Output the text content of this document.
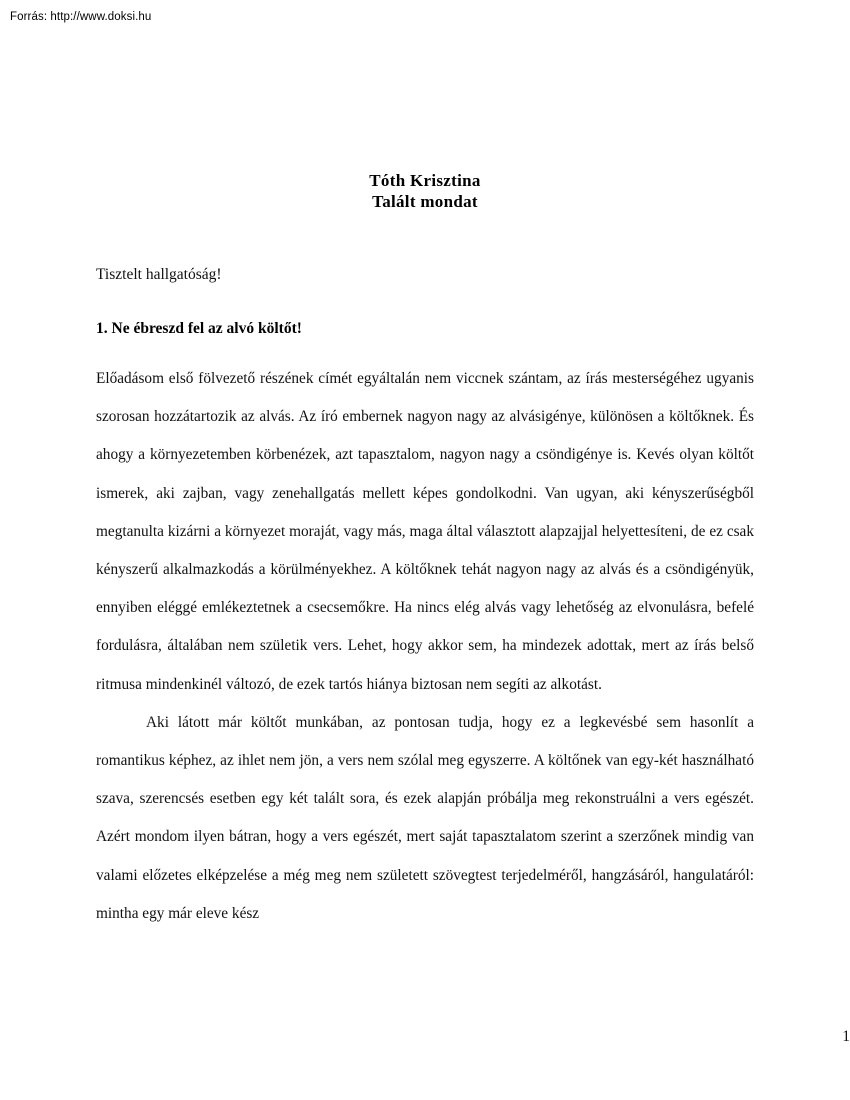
Forrás: http://www.doksi.hu
Tóth Krisztina
Talált mondat
Tisztelt hallgatóság!
1. Ne ébreszd fel az alvó költőt!

Előadásom első fölvezető részének címét egyáltalán nem viccnek szántam, az írás mesterségéhez ugyanis szorosan hozzátartozik az alvás. Az író embernek nagyon nagy az alvásigénye, különösen a költőknek. És ahogy a környezetemben körbenézek, azt tapasztalom, nagyon nagy a csöndigénye is. Kevés olyan költőt ismerek, aki zajban, vagy zenehallgatás mellett képes gondolkodni. Van ugyan, aki kényszerűségből megtanulta kizárni a környezet moraját, vagy más, maga által választott alapzajjal helyettesíteni, de ez csak kényszerű alkalmazkodás a körülményekhez. A költőknek tehát nagyon nagy az alvás és a csöndigényük, ennyiben eléggé emlékeztetnek a csecsemőkre. Ha nincs elég alvás vagy lehetőség az elvonulásra, befelé fordulásra, általában nem születik vers. Lehet, hogy akkor sem, ha mindezek adottak, mert az írás belső ritmusa mindenkinél változó, de ezek tartós hiánya biztosan nem segíti az alkotást.

Aki látott már költőt munkában, az pontosan tudja, hogy ez a legkevésbé sem hasonlít a romantikus képhez, az ihlet nem jön, a vers nem szólal meg egyszerre. A költőnek van egy-két használható szava, szerencsés esetben egy két talált sora, és ezek alapján próbálja meg rekonstruálni a vers egészét. Azért mondom ilyen bátran, hogy a vers egészét, mert saját tapasztalatom szerint a szerzőnek mindig van valami előzetes elképzelése a még meg nem született szövegtest terjedelméről, hangzásáról, hangulatáról: mintha egy már eleve kész

1
